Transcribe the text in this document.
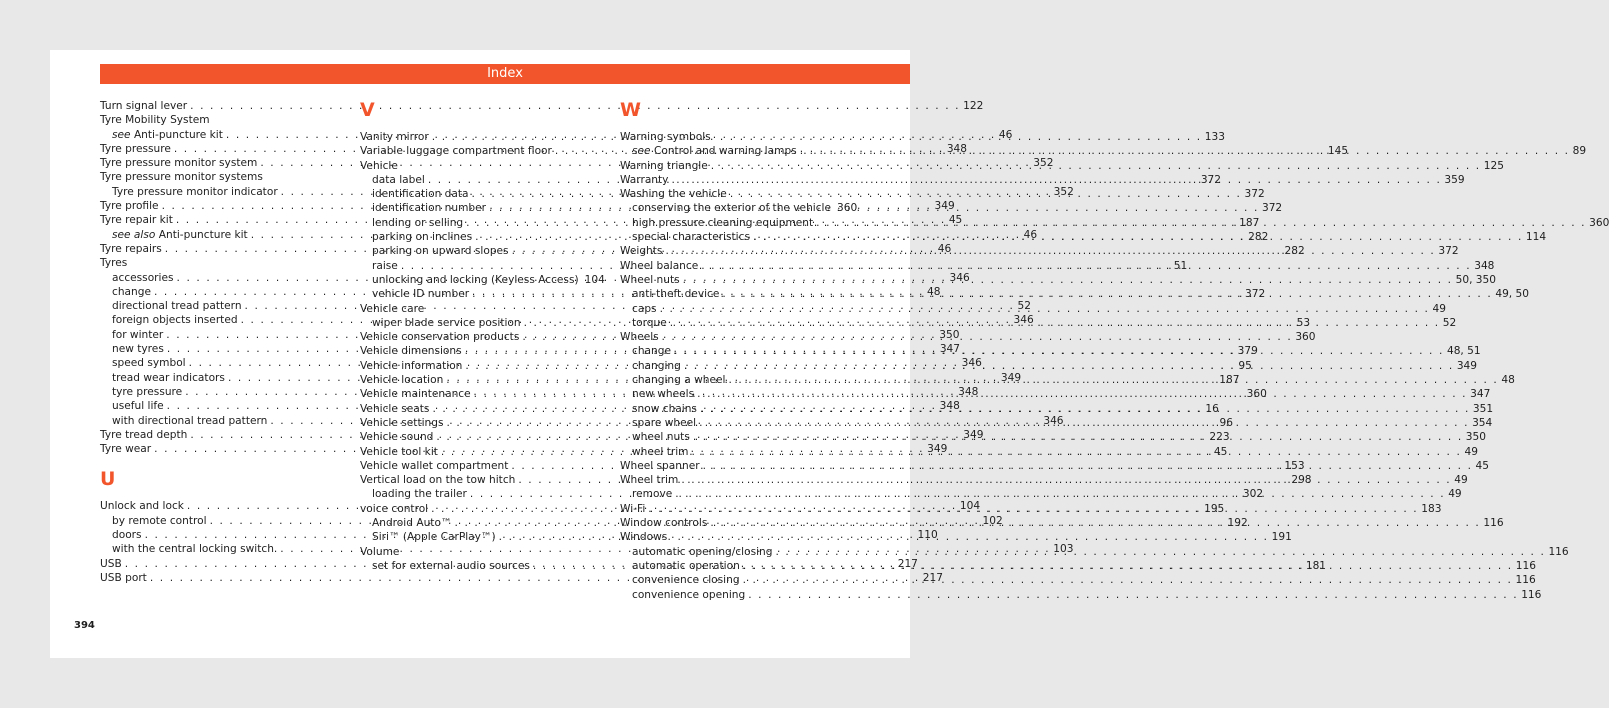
Index
Turn signal lever . . .	122
Tyre Mobility System
see Anti-puncture kit . . .	46
Tyre pressure . . .	348
Tyre pressure monitor system . . .	352
Tyre pressure monitor systems
Tyre pressure monitor indicator . . .	352
Tyre profile . . .	349
Tyre repair kit . . .	45
see also Anti-puncture kit . . .	46
Tyre repairs . . .	46
Tyres
accessories . . .	346
change . . .	48
directional tread pattern . . .	52
foreign objects inserted . . .	346
for winter . . .	350
new tyres . . .	347
speed symbol . . .	346
tread wear indicators . . .	349
tyre pressure . . .	348
useful life . . .	348
with directional tread pattern . . .	346
Tyre tread depth . . .	349
Tyre wear . . .	349
U
Unlock and lock . . .	104
by remote control . . .	102
doors . . .	110
with the central locking switch. . . .	103
USB . . .	217
USB port . . .	217
V
Vanity mirror . . .	133
Variable luggage compartment floor . . .	145
Vehicle
data label . . .	372
identification data . . .	372
identification number . . .	372
lending or selling . . .	187
parking on inclines . . .	282
parking on upward slopes . . .	282
raise . . .	51
unlocking and locking (Keyless Access) 104
vehicle ID number . . .	372
Vehicle care
wiper blade service position . . .	53
Vehicle conservation products . . .	360
Vehicle dimensions . . .	379
Vehicle information . . .	95
Vehicle location . . .	187
Vehicle maintenance . . .	360
Vehicle seats . . .	16
Vehicle settings . . .	96
Vehicle sound . . .	223
Vehicle tool kit . . .	45
Vehicle wallet compartment . . .	153
Vertical load on the tow hitch . . .	298
loading the trailer . . .	302
voice control . . .	195
Android Auto™ . . .	192
Siri™ (Apple CarPlay™) . . .	191
Volume
set for external audio sources . . .	181
W
Warning symbols
see Control and warning lamps . . .	89
Warning triangle . . .	125
Warranty . . .	359
Washing the vehicle
conserving the exterior of the vehicle 360
high pressure cleaning equipment . . .	360
special characteristics . . .	114
Weights . . .	372
Wheel balance . . .	348
Wheel nuts . . .	50, 350
anti-theft device . . .	49, 50
caps . . .	49
torque . . .	52
Wheels
change . . .	48, 51
changing . . .	349
changing a wheel . . .	48
new wheels . . .	347
snow chains . . .	351
spare wheel . . .	354
wheel nuts . . .	350
wheel trim . . .	49
Wheel spanner . . .	45
Wheel trim . . .	49
remove . . .	49
Wi-Fi . . .	183
Window controls . . .	116
Windows
automatic opening/closing . . .	116
automatic operation . . .	116
convenience closing . . .	116
convenience opening . . .	116
394
